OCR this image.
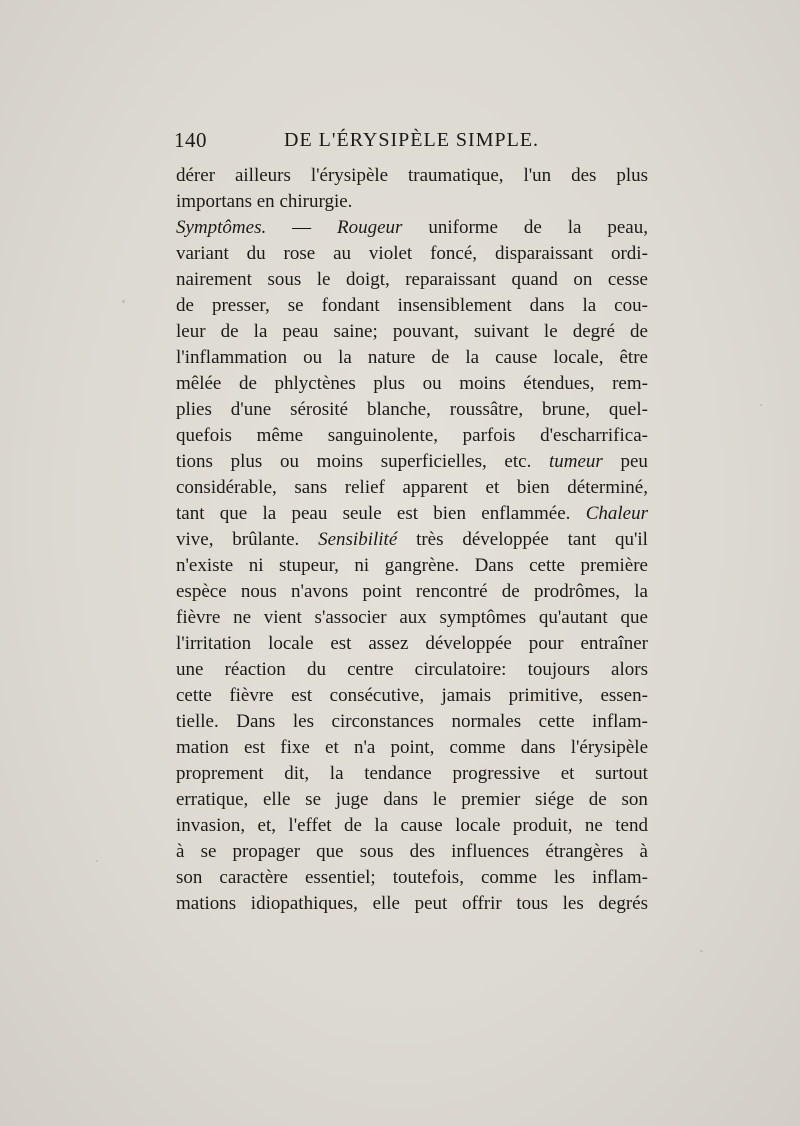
140	DE L'ÉRYSIPÈLE SIMPLE.
dérer ailleurs l'érysipèle traumatique, l'un des plus
importans
en
chirurgie.
Symptômes. — Rougeur uniforme de la peau,
variant du rose au violet foncé, disparaissant ordi-
nairement sous le doigt, reparaissant quand on cesse
de presser, se fondant insensiblement dans la cou-
leur de la peau saine; pouvant, suivant le degré de
l'inflammation ou la nature de la cause locale, être
mêlée de phlyctènes plus ou moins étendues, rem-
plies d'une sérosité blanche, roussâtre, brune, quel-
quefois même sanguinolente, parfois d'escharrifica-
tions plus ou moins superficielles, etc. tumeur peu
considérable, sans relief apparent et bien déterminé,
tant que la peau seule est bien enflammée. Chaleur
vive, brûlante. Sensibilité très développée tant qu'il
n'existe ni stupeur, ni gangrène. Dans cette première
espèce nous n'avons point rencontré de prodrômes, la
fièvre ne vient s'associer aux symptômes qu'autant que
l'irritation locale est assez développée pour entraîner
une réaction du centre circulatoire: toujours alors
cette fièvre est consécutive, jamais primitive, essen-
tielle. Dans les circonstances normales cette inflam-
mation est fixe et n'a point, comme dans l'érysipèle
proprement dit, la tendance progressive et surtout
erratique, elle se juge dans le premier siége de son
invasion, et, l'effet de la cause locale produit, ne tend
à se propager que sous des influences étrangères à
son caractère essentiel; toutefois, comme les inflam-
mations idiopathiques, elle peut offrir tous les degrés
